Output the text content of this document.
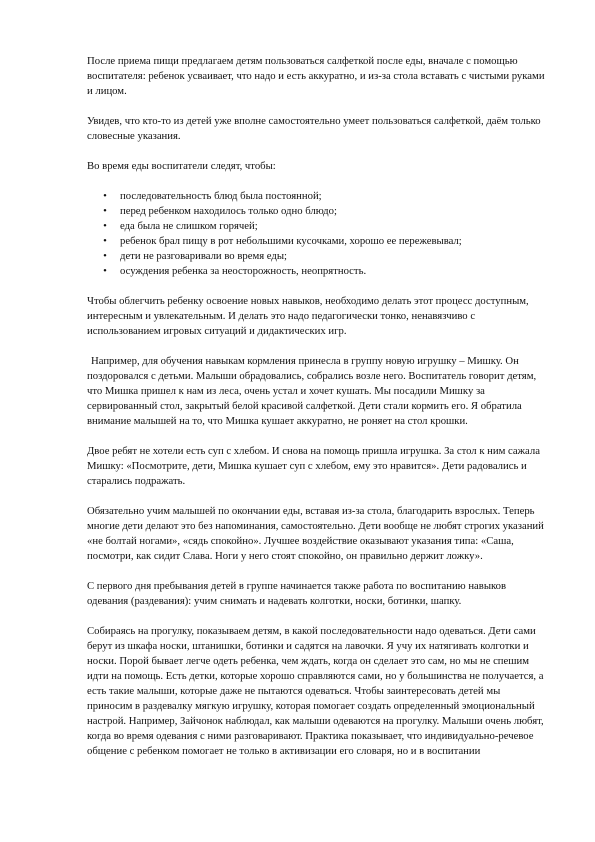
После приема пищи предлагаем детям пользоваться салфеткой после еды, вначале с помощью воспитателя: ребенок усваивает, что надо и есть аккуратно, и из-за стола вставать с чистыми руками и лицом.

Увидев, что кто-то из детей уже вполне самостоятельно умеет пользоваться салфеткой, даём только словесные указания.

Во время еды воспитатели следят, чтобы:

• последовательность блюд была постоянной;
• перед ребенком находилось только одно блюдо;
• еда была не слишком горячей;
• ребенок брал пищу в рот небольшими кусочками, хорошо ее пережевывал;
• дети не разговаривали во время еды;
• осуждения ребенка за неосторожность, неопрятность.

Чтобы облегчить ребенку освоение новых навыков, необходимо делать этот процесс доступным, интересным и увлекательным. И делать это надо педагогически тонко, ненавязчиво с использованием игровых ситуаций и дидактических игр.

Например, для обучения навыкам кормления принесла в группу новую игрушку – Мишку. Он поздоровался с детьми. Малыши обрадовались, собрались возле него. Воспитатель говорит детям, что Мишка пришел к нам из леса, очень устал и хочет кушать. Мы посадили Мишку за сервированный стол, закрытый белой красивой салфеткой. Дети стали кормить его. Я обратила внимание малышей на то, что Мишка кушает аккуратно, не роняет на стол крошки.

Двое ребят не хотели есть суп с хлебом. И снова на помощь пришла игрушка. За стол к ним сажала Мишку: «Посмотрите, дети, Мишка кушает суп с хлебом, ему это нравится». Дети радовались и старались подражать.

Обязательно учим малышей по окончании еды, вставая из-за стола, благодарить взрослых. Теперь многие дети делают это без напоминания, самостоятельно. Дети вообще не любят строгих указаний «не болтай ногами», «сядь спокойно». Лучшее воздействие оказывают указания типа: «Саша, посмотри, как сидит Слава. Ноги у него стоят спокойно, он правильно держит ложку».

С первого дня пребывания детей в группе начинается также работа по воспитанию навыков одевания (раздевания): учим снимать и надевать колготки, носки, ботинки, шапку.

Собираясь на прогулку, показываем детям, в какой последовательности надо одеваться. Дети сами берут из шкафа носки, штанишки, ботинки и садятся на лавочки. Я учу их натягивать колготки и носки. Порой бывает легче одеть ребенка, чем ждать, когда он сделает это сам, но мы не спешим идти на помощь. Есть детки, которые хорошо справляются сами, но у большинства не получается, а есть такие малыши, которые даже не пытаются одеваться. Чтобы заинтересовать детей мы приносим в раздевалку мягкую игрушку, которая помогает создать определенный эмоциональный настрой. Например, Зайчонок наблюдал, как малыши одеваются на прогулку. Малыши очень любят, когда во время одевания с ними разговаривают. Практика показывает, что индивидуально-речевое общение с ребенком помогает не только в активизации его словаря, но и в воспитании
